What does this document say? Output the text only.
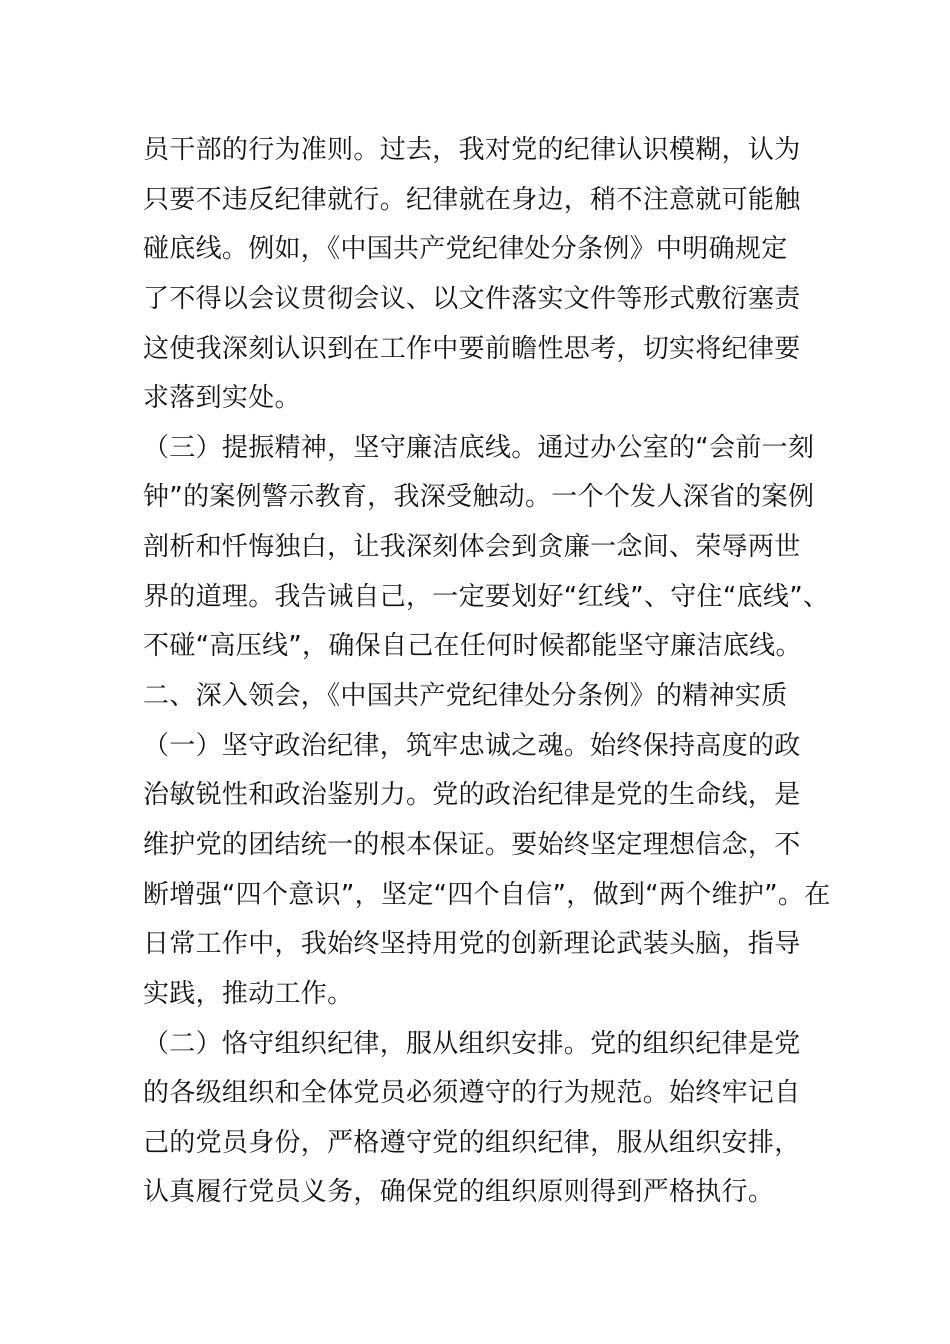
员干部的行为准则。过去，我对党的纪律认识模糊，认为
只要不违反纪律就行。纪律就在身边，稍不注意就可能触
碰底线。例如，《中国共产党纪律处分条例》中明确规定
了不得以会议贯彻会议、以文件落实文件等形式敷衍塞责
这使我深刻认识到在工作中要前瞻性思考，切实将纪律要
求落到实处。
（三）提振精神，坚守廉洁底线。通过办公室的“会前一刻
钟”的案例警示教育，我深受触动。一个个发人深省的案例
剖析和忏悔独白，让我深刻体会到贪廉一念间、荣辱两世
界的道理。我告诫自己，一定要划好“红线”、守住“底线”、
不碰“高压线”，确保自己在任何时候都能坚守廉洁底线。
二、深入领会，《中国共产党纪律处分条例》的精神实质
（一）坚守政治纪律，筑牢忠诚之魂。始终保持高度的政
治敏锐性和政治鉴别力。党的政治纪律是党的生命线，是
维护党的团结统一的根本保证。要始终坚定理想信念，不
断增强“四个意识”，坚定“四个自信”，做到“两个维护”。在
日常工作中，我始终坚持用党的创新理论武装头脑，指导
实践，推动工作。
（二）恪守组织纪律，服从组织安排。党的组织纪律是党
的各级组织和全体党员必须遵守的行为规范。始终牢记自
己的党员身份，严格遵守党的组织纪律，服从组织安排，
认真履行党员义务，确保党的组织原则得到严格执行。
